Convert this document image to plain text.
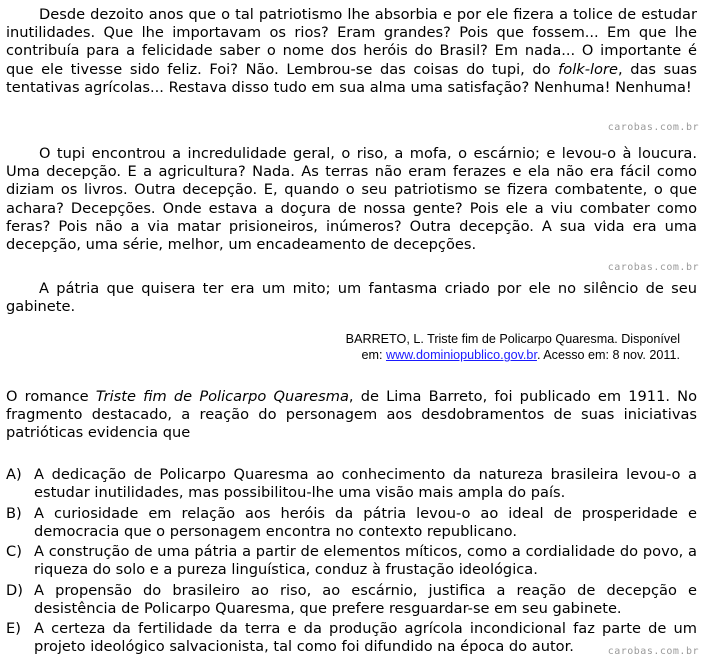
Desde dezoito anos que o tal patriotismo lhe absorbia e por ele fizera a tolice de estudar inutilidades. Que lhe importavam os rios? Eram grandes? Pois que fossem... Em que lhe contribuía para a felicidade saber o nome dos heróis do Brasil? Em nada... O importante é que ele tivesse sido feliz. Foi? Não. Lembrou-se das coisas do tupi, do folk-lore, das suas tentativas agrícolas... Restava disso tudo em sua alma uma satisfação? Nenhuma! Nenhuma!

carobas.com.br

O tupi encontrou a incredulidade geral, o riso, a mofa, o escárnio; e levou-o à loucura. Uma decepção. E a agricultura? Nada. As terras não eram ferazes e ela não era fácil como diziam os livros. Outra decepção. E, quando o seu patriotismo se fizera combatente, o que achara? Decepções. Onde estava a doçura de nossa gente? Pois ele a viu combater como feras? Pois não a via matar prisioneiros, inúmeros? Outra decepção. A sua vida era uma decepção, uma série, melhor, um encadeamento de decepções.

carobas.com.br

A pátria que quisera ter era um mito; um fantasma criado por ele no silêncio de seu gabinete.

BARRETO, L. Triste fim de Policarpo Quaresma. Disponível
em: www.dominiopublico.gov.br. Acesso em: 8 nov. 2011.

O romance Triste fim de Policarpo Quaresma, de Lima Barreto, foi publicado em 1911. No fragmento destacado, a reação do personagem aos desdobramentos de suas iniciativas patrióticas evidencia que

A) A dedicação de Policarpo Quaresma ao conhecimento da natureza brasileira levou-o a estudar inutilidades, mas possibilitou-lhe uma visão mais ampla do país.
B) A curiosidade em relação aos heróis da pátria levou-o ao ideal de prosperidade e democracia que o personagem encontra no contexto republicano.
C) A construção de uma pátria a partir de elementos míticos, como a cordialidade do povo, a riqueza do solo e a pureza linguística, conduz à frustação ideológica.
D) A propensão do brasileiro ao riso, ao escárnio, justifica a reação de decepção e desistência de Policarpo Quaresma, que prefere resguardar-se em seu gabinete.
E) A certeza da fertilidade da terra e da produção agrícola incondicional faz parte de um projeto ideológico salvacionista, tal como foi difundido na época do autor.	carobas.com.br
